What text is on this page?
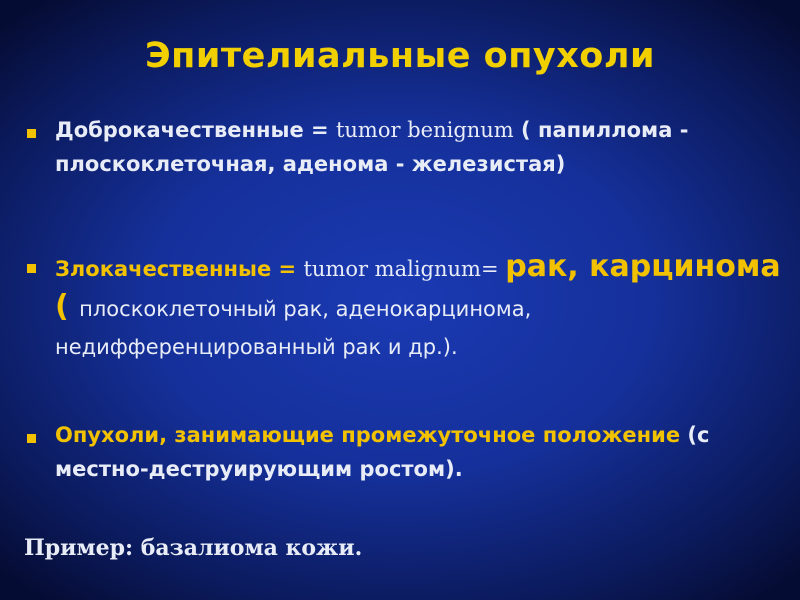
Эпителиальные опухоли
Доброкачественные = tumor benignum ( папиллома - плоскоклеточная, аденома - железистая)
Злокачественные = tumor malignum= рак, карцинома ( плоскоклеточный рак, аденокарцинома, недифференцированный рак и др.).
Опухоли, занимающие промежуточное положение (с местно-деструирующим ростом).
Пример: базалиома кожи.
